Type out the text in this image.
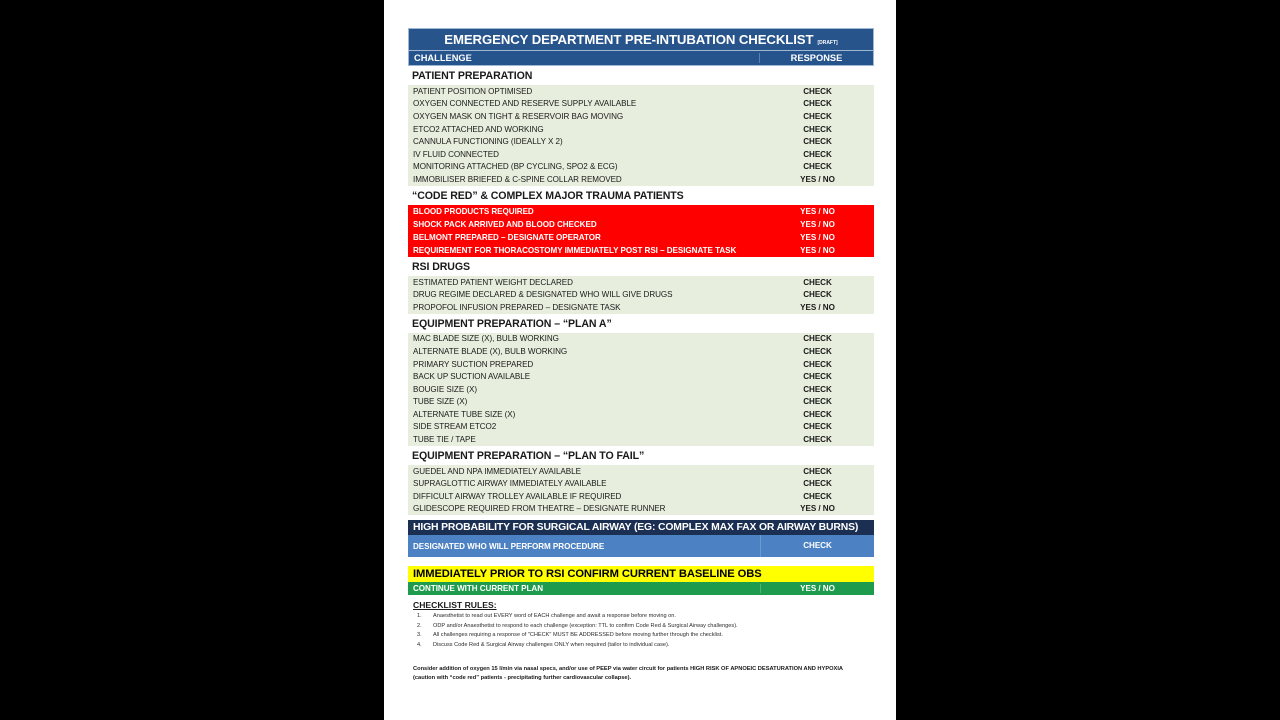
EMERGENCY DEPARTMENT PRE-INTUBATION CHECKLIST [DRAFT]
CHALLENGE	RESPONSE
PATIENT PREPARATION
PATIENT POSITION OPTIMISED	CHECK
OXYGEN CONNECTED AND RESERVE SUPPLY AVAILABLE	CHECK
OXYGEN MASK ON TIGHT & RESERVOIR BAG MOVING	CHECK
ETCO2 ATTACHED AND WORKING	CHECK
CANNULA FUNCTIONING (IDEALLY X 2)	CHECK
IV FLUID CONNECTED	CHECK
MONITORING ATTACHED (BP CYCLING, SPO2 & ECG)	CHECK
IMMOBILISER BRIEFED & C-SPINE COLLAR REMOVED	YES / NO
“CODE RED” & COMPLEX MAJOR TRAUMA PATIENTS
BLOOD PRODUCTS REQUIRED	YES / NO
SHOCK PACK ARRIVED AND BLOOD CHECKED	YES / NO
BELMONT PREPARED – DESIGNATE OPERATOR	YES / NO
REQUIREMENT FOR THORACOSTOMY IMMEDIATELY POST RSI – DESIGNATE TASK	YES / NO
RSI DRUGS
ESTIMATED PATIENT WEIGHT DECLARED	CHECK
DRUG REGIME DECLARED & DESIGNATED WHO WILL GIVE DRUGS	CHECK
PROPOFOL INFUSION PREPARED – DESIGNATE TASK	YES / NO
EQUIPMENT PREPARATION – “PLAN A”
MAC BLADE SIZE (X), BULB WORKING	CHECK
ALTERNATE BLADE (X), BULB WORKING	CHECK
PRIMARY SUCTION PREPARED	CHECK
BACK UP SUCTION AVAILABLE	CHECK
BOUGIE SIZE (X)	CHECK
TUBE SIZE (X)	CHECK
ALTERNATE TUBE SIZE (X)	CHECK
SIDE STREAM ETCO2	CHECK
TUBE TIE / TAPE	CHECK
EQUIPMENT PREPARATION – “PLAN TO FAIL”
GUEDEL AND NPA IMMEDIATELY AVAILABLE	CHECK
SUPRAGLOTTIC AIRWAY IMMEDIATELY AVAILABLE	CHECK
DIFFICULT AIRWAY TROLLEY AVAILABLE IF REQUIRED	CHECK
GLIDESCOPE REQUIRED FROM THEATRE – DESIGNATE RUNNER	YES / NO
HIGH PROBABILITY FOR SURGICAL AIRWAY (EG: COMPLEX MAX FAX OR AIRWAY BURNS)
DESIGNATED WHO WILL PERFORM PROCEDURE	CHECK
IMMEDIATELY PRIOR TO RSI CONFIRM CURRENT BASELINE OBS
CONTINUE WITH CURRENT PLAN	YES / NO
CHECKLIST RULES:
1.	Anaesthetist to read out EVERY word of EACH challenge and await a response before moving on.
2.	ODP and/or Anaesthetist to respond to each challenge (exception: TTL to confirm Code Red & Surgical Airway challenges).
3.	All challenges requiring a response of "CHECK" MUST BE ADDRESSED before moving further through the checklist.
4.	Discuss Code Red & Surgical Airway challenges ONLY when required (tailor to individual case).
Consider addition of oxygen 15 l/min via nasal specs, and/or use of PEEP via water circuit for patients HIGH RISK OF APNOEIC DESATURATION AND HYPOXIA
(caution with “code red” patients - precipitating further cardiovascular collapse).
